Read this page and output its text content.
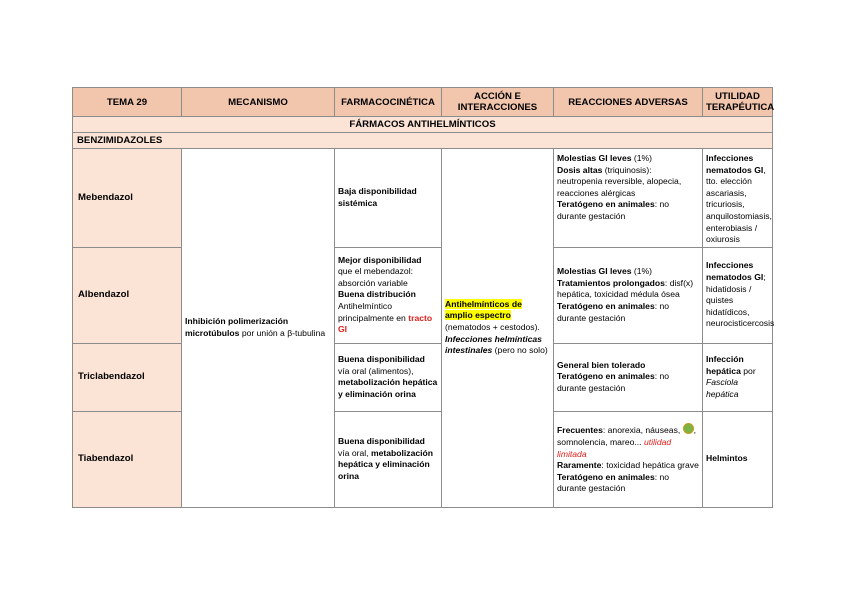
TEMA 29	MECANISMO	FARMACOCINÉTICA	ACCIÓN E
INTERACCIONES	REACCIONES ADVERSAS	UTILIDAD
TERAPÉUTICA

FÁRMACOS ANTIHELMÍNTICOS					
BENZIMIDAZOLES					
Mebendazol	Inhibición polimerización microtúbulos por unión a β-tubulina	Baja disponibilidad sistémica	Antihelmínticos de amplio espectro (nematodos + cestodos). Infecciones helmínticas intestinales (pero no solo)	Molestias GI leves (1%)
Dosis altas (triquinosis): neutropenia reversible, alopecia, reacciones alérgicas
Teratógeno en animales: no durante gestación	Infecciones nematodos GI, tto. elección ascariasis, tricuriosis, anquilostomiasis, enterobiasis / oxiurosis
Albendazol		Mejor disponibilidad que el mebendazol: absorción variable
Buena distribución
Antihelmíntico principalmente en tracto GI		Molestias GI leves (1%)
Tratamientos prolongados: disf(x) hepática, toxicidad médula ósea
Teratógeno en animales: no durante gestación	Infecciones nematodos GI; hidatidosis / quistes hidatídicos, neurocisticercosis
Triclabendazol		Buena disponibilidad vía oral (alimentos), metabolización hepática y eliminación orina		General bien tolerado
Teratógeno en animales: no durante gestación	Infección hepática por Fasciola hepática
Tiabendazol		Buena disponibilidad vía oral, metabolización hepática y eliminación orina		Frecuentes: anorexia, náuseas, , somnolencia, mareo... utilidad limitada
Raramente: toxicidad hepática grave
Teratógeno en animales: no durante gestación	Helmintos
